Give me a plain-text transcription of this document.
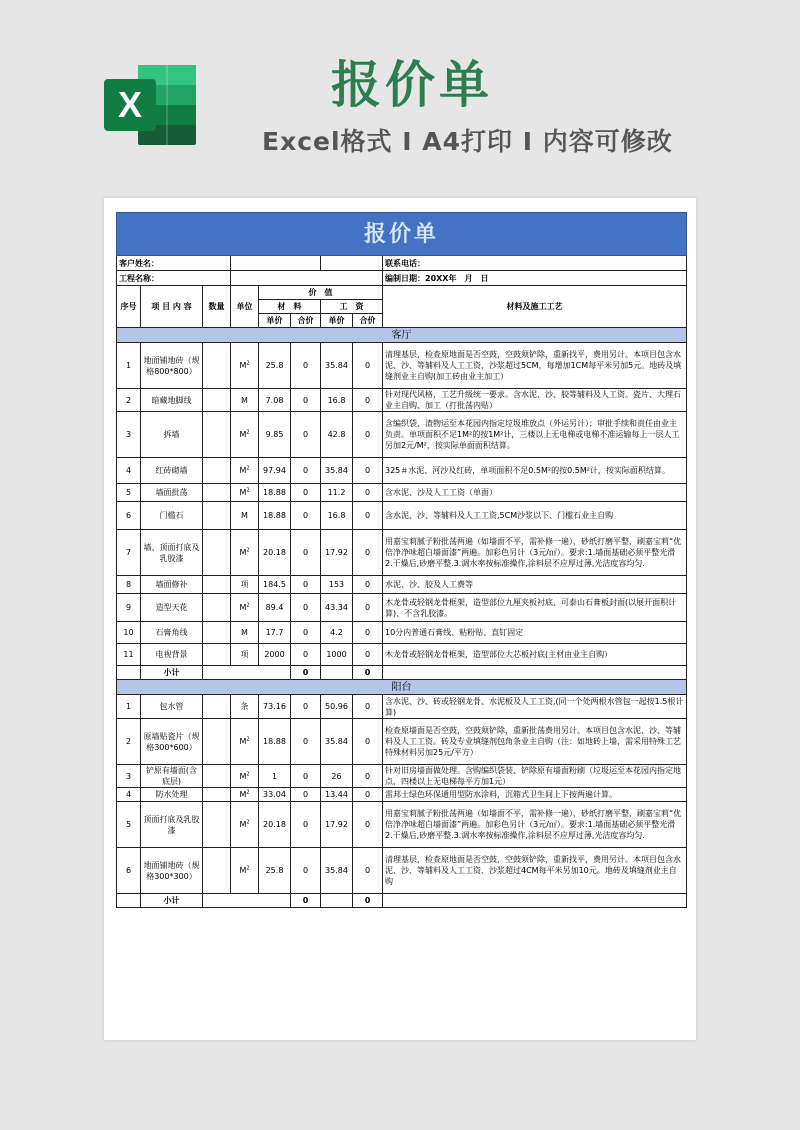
X	报价单
Excel格式 Ⅰ A4打印 Ⅰ 内容可修改
报价单								
客户姓名：								联系电话：
工程名称：								编制日期：20XX年　月　日
序号	项 目 内 容	数量	单位	价　值				材料及施工工艺
				材　料		工　资		
				单价	合价	单价	合价	
客厅								
1	地面铺地砖（规格800*800）		$M^2$	25.8	0	35.84	0	清理基层，检查原地面是否空鼓，空鼓须铲除，重新找平，费用另计。本项目包含水泥、沙、等辅料及人工工资，沙浆超过5CM，每增加1CM每平米另加5元。地砖及填缝剂业主自购(加工砖由业主加工）
2	暗藏地脚线		M	7.08	0	16.8	0	针对现代风格，工艺升级统一要求。含水泥、沙、胶等辅料及人工资。瓷片、大理石业主自购、加工（打批荡内贴）
3	拆墙		$M^2$	9.85	0	42.8	0	含编织袋、渣物运至本花园内指定垃圾堆放点（外运另计）；审批手续和责任由业主负责。单项面积不足1M²的按1M²计，三楼以上无电梯或电梯不准运输每上一层人工另加2元/M²，按实际单面面积结算。
4	红砖砌墙		$M^2$	97.94	0	35.84	0	325＃水泥、河沙及红砖，单项面积不足0.5M²的按0.5M²计，按实际面积结算。
5	墙面批荡		$M^2$	18.88	0	11.2	0	含水泥、沙及人工工资（单面）
6	门槛石		M	18.88	0	16.8	0	含水泥、沙、等辅料及人工工资,5CM沙浆以下、门槛石业主自购
7	墙、顶面打底及乳胶漆		$M^2$	20.18	0	17.92	0	用嘉宝莉腻子粉批荡两遍（如墙面不平，需补修一遍），砂纸打磨平整，刷嘉宝莉“优倍净净味超白墙面漆”两遍。加彩色另计（3元/㎡）。要求:1.墙面基础必须平整光滑 2.干燥后,砂磨平整.3.调水率按标准操作,涂料层不应厚过薄,光洁度容均匀.
8	墙面修补		项	184.5	0	153	0	水泥、沙、胶及人工费等
9	造型天花		$M^2$	89.4	0	43.34	0	木龙骨或轻钢龙骨框架，造型部位九厘夹板衬底、可泰山石膏板封面(以展开面积计算)、不含乳胶漆。
10	石膏角线		M	17.7	0	4.2	0	10分内普通石膏线、粘粉贴、直钉固定
11	电视背景		项	2000	0	1000	0	木龙骨或轻钢龙骨框架，造型部位大芯板衬底(主材由业主自购）
	小计				0		0	
阳台								
1	包水管		条	73.16	0	50.96	0	含水泥、沙、砖或轻钢龙骨、水泥板及人工工资,(同一个处两根水管包一起按1.5根计算)
2	原墙贴瓷片（规格300*600）		$M^2$	18.88	0	35.84	0	检查原墙面是否空鼓，空鼓须铲除，重新批荡费用另计。本项目包含水泥、沙、等辅料及人工工资。砖及专业填缝剂包角条业主自购（注：如地砖上墙，需采用特殊工艺特殊材料另加25元/平方）
3	铲原有墙面(含底层)		$M^2$	1	0	26	0	针对旧房墙面做处理。含购编织袋装、铲除原有墙面粉刷（垃圾运至本花园内指定地点，四楼以上无电梯每平方加1元）
4	防水处理		$M^2$	33.04	0	13.44	0	雷邦士绿色环保通用型防水涂料，沉箱式卫生间上下按两遍计算。
5	顶面打底及乳胶漆		$M^2$	20.18	0	17.92	0	用嘉宝莉腻子粉批荡两遍（如墙面不平，需补修一遍），砂纸打磨平整，刷嘉宝莉“优倍净净味超白墙面漆”两遍。加彩色另计（3元/㎡）。要求:1.墙面基础必须平整光滑 2.干燥后,砂磨平整.3.调水率按标准操作,涂料层不应厚过薄,光洁度容均匀.
6	地面铺地砖（规格300*300）		$M^2$	25.8	0	35.84	0	清理基层，检查原地面是否空鼓，空鼓须铲除，重新找平，费用另计。本项目包含水泥、沙、等辅料及人工工资、沙浆超过4CM每平米另加10元。地砖及填缝剂业主自购
	小计				0		0	
